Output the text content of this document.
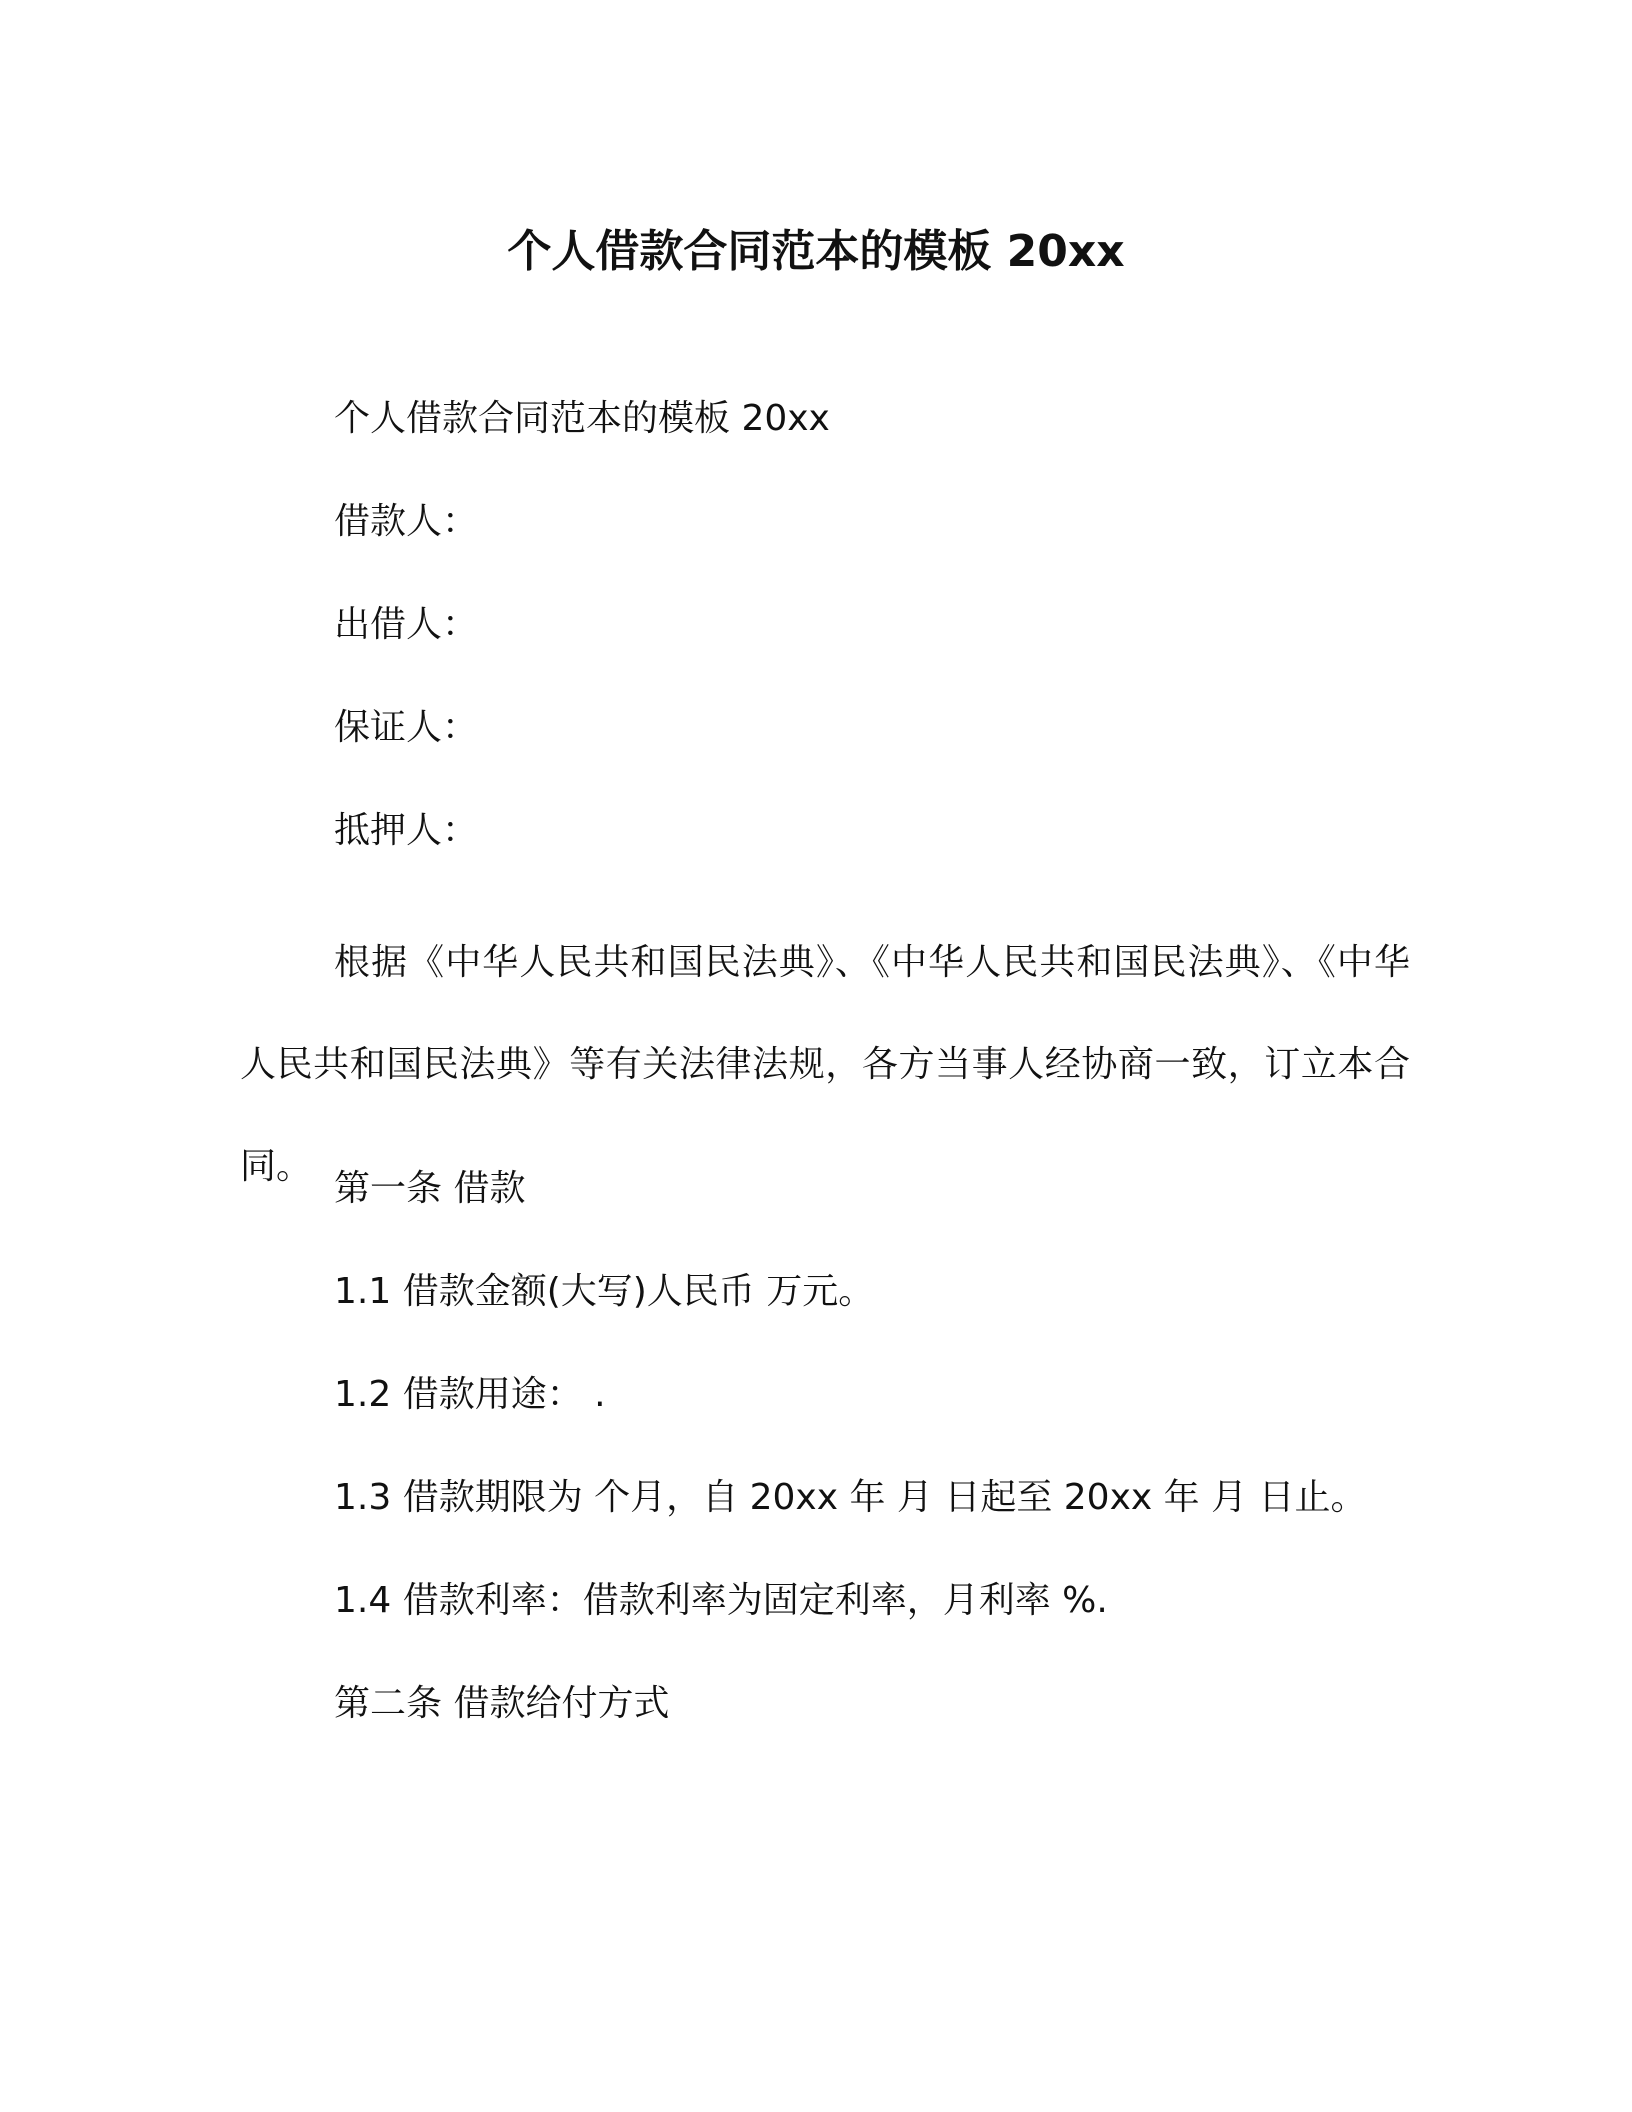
个人借款合同范本的模板 20xx

个人借款合同范本的模板 20xx

借款人：

出借人：

保证人：

抵押人：

根据《中华人民共和国民法典》、《中华人民共和国民法典》、《中华人民共和国民法典》等有关法律法规，各方当事人经协商一致，订立本合同。

第一条 借款

1.1 借款金额(大写)人民币 万元。

1.2 借款用途： .

1.3 借款期限为 个月，自 20xx 年 月 日起至 20xx 年 月 日止。

1.4 借款利率：借款利率为固定利率，月利率 %.

第二条 借款给付方式
